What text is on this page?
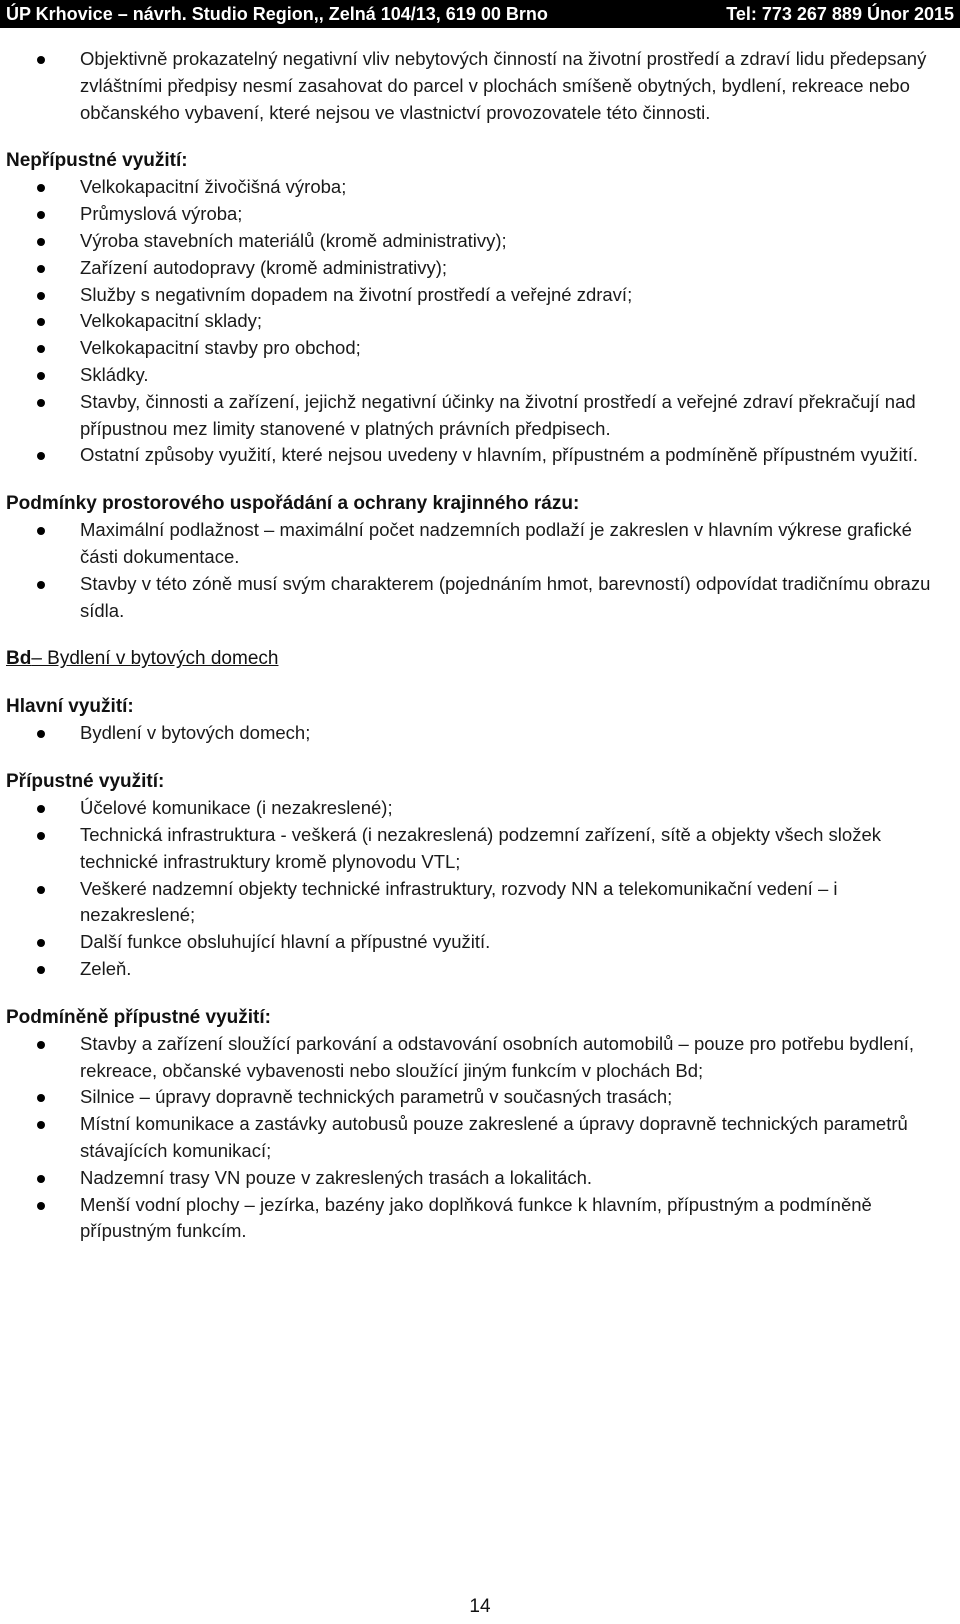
ÚP Krhovice – návrh. Studio Region,, Zelná 104/13, 619 00 Brno	Tel: 773 267 889 Únor 2015
Objektivně prokazatelný negativní vliv nebytových činností na životní prostředí a zdraví lidu předepsaný zvláštními předpisy nesmí zasahovat do parcel v plochách smíšeně obytných, bydlení, rekreace nebo občanského vybavení, které nejsou ve vlastnictví provozovatele této činnosti.
Nepřípustné využití:
Velkokapacitní živočišná výroba;
Průmyslová výroba;
Výroba stavebních materiálů (kromě administrativy);
Zařízení autodopravy (kromě administrativy);
Služby s negativním dopadem na životní prostředí a veřejné zdraví;
Velkokapacitní sklady;
Velkokapacitní stavby pro obchod;
Skládky.
Stavby, činnosti a zařízení, jejichž negativní účinky na životní prostředí a veřejné zdraví překračují nad přípustnou mez limity stanovené v platných právních předpisech.
Ostatní způsoby využití, které nejsou uvedeny v hlavním, přípustném a podmíněně přípustném využití.
Podmínky prostorového uspořádání a ochrany krajinného rázu:
Maximální podlažnost – maximální počet nadzemních podlaží je zakreslen v hlavním výkrese grafické části dokumentace.
Stavby v této zóně musí svým charakterem (pojednáním hmot, barevností) odpovídat tradičnímu obrazu sídla.
Bd– Bydlení v bytových domech
Hlavní využití:
Bydlení v bytových domech;
Přípustné využití:
Účelové komunikace (i nezakreslené);
Technická infrastruktura - veškerá (i nezakreslená) podzemní zařízení, sítě a objekty všech složek technické infrastruktury kromě plynovodu VTL;
Veškeré nadzemní objekty technické infrastruktury, rozvody NN a telekomunikační vedení – i nezakreslené;
Další funkce obsluhující hlavní a přípustné využití.
Zeleň.
Podmíněně přípustné využití:
Stavby a zařízení sloužící parkování a odstavování osobních automobilů – pouze pro potřebu bydlení, rekreace, občanské vybavenosti nebo sloužící jiným funkcím v plochách Bd;
Silnice – úpravy dopravně technických parametrů v současných trasách;
Místní komunikace a zastávky autobusů pouze zakreslené a úpravy dopravně technických parametrů stávajících komunikací;
Nadzemní trasy VN pouze v zakreslených trasách a lokalitách.
Menší vodní plochy – jezírka, bazény jako doplňková funkce k hlavním, přípustným a podmíněně přípustným funkcím.
14
